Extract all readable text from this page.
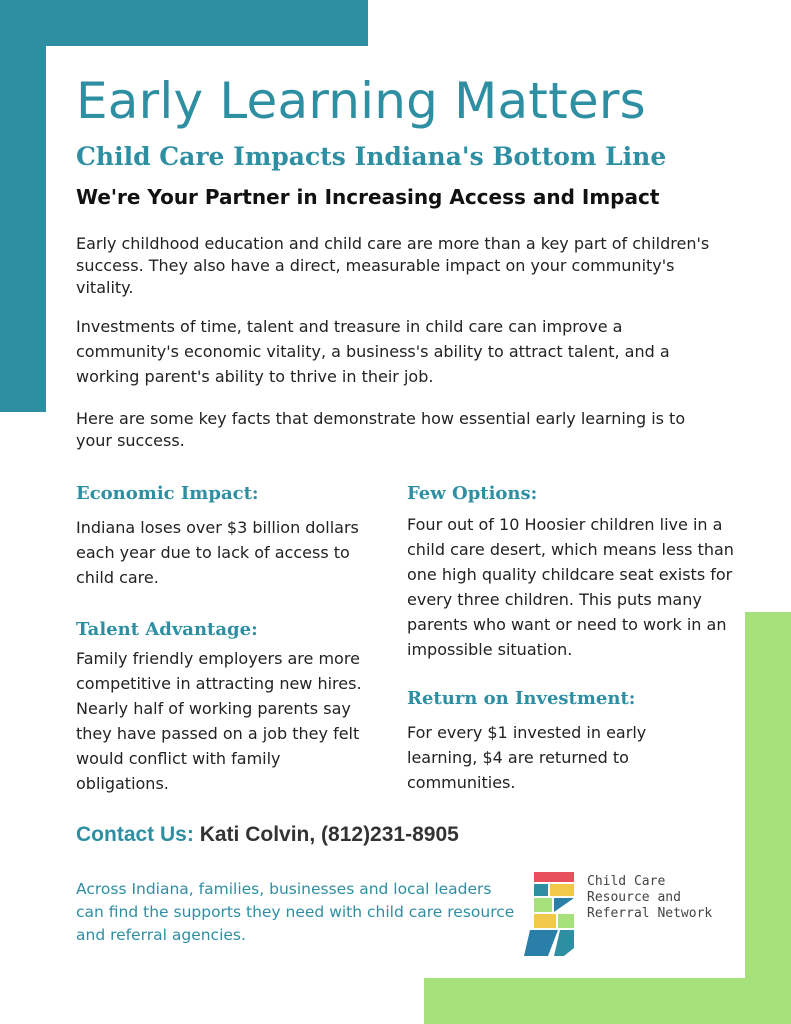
Early Learning Matters
Child Care Impacts Indiana's Bottom Line
We're Your Partner in Increasing Access and Impact

Early childhood education and child care are more than a key part of children's success. They also have a direct, measurable impact on your community's vitality.

Investments of time, talent and treasure in child care can improve a community's economic vitality, a business's ability to attract talent, and a working parent's ability to thrive in their job.

Here are some key facts that demonstrate how essential early learning is to your success.

Economic Impact:

Indiana loses over $3 billion dollars each year due to lack of access to child care.

Talent Advantage:

Family friendly employers are more competitive in attracting new hires. Nearly half of working parents say they have passed on a job they felt would conflict with family obligations.

Few Options:

Four out of 10 Hoosier children live in a child care desert, which means less than one high quality childcare seat exists for every three children. This puts many parents who want or need to work in an impossible situation.

Return on Investment:

For every $1 invested in early learning, $4 are returned to communities.

Contact Us: Kati Colvin, (812)231-8905

Across Indiana, families, businesses and local leaders can find the supports they need with child care resource and referral agencies.

Child Care
Resource and
Referral Network
